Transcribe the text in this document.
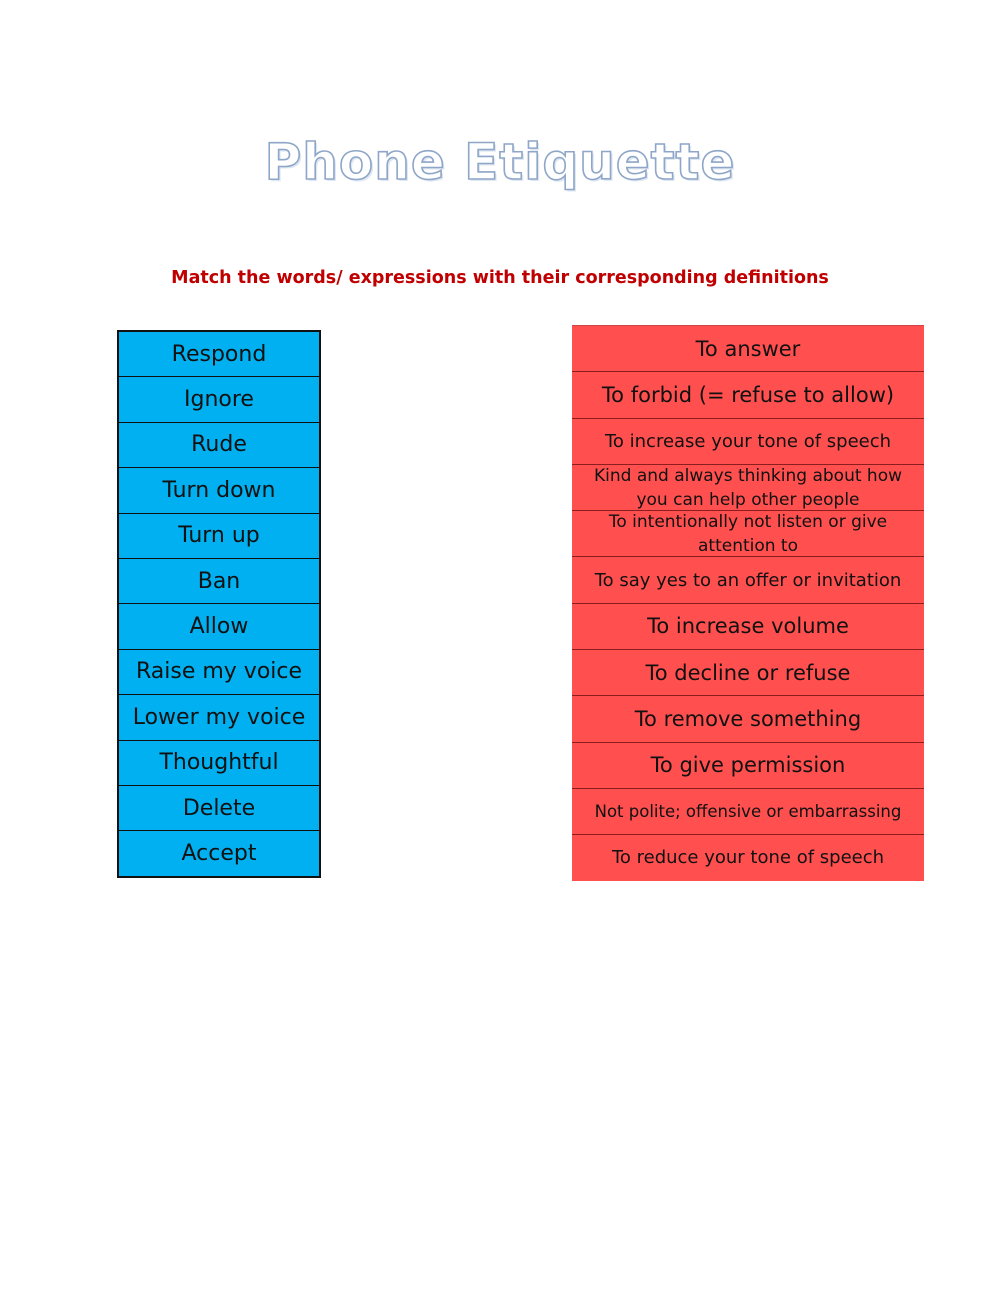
Phone Etiquette
Match the words/ expressions with their corresponding definitions
Respond
Ignore
Rude
Turn down
Turn up
Ban
Allow
Raise my voice
Lower my voice
Thoughtful
Delete
Accept
To answer
To forbid (= refuse to allow)
To increase your tone of speech
Kind and always thinking about how you can help other people
To intentionally not listen or give attention to
To say yes to an offer or invitation
To increase volume
To decline or refuse
To remove something
To give permission
Not polite; offensive or embarrassing
To reduce your tone of speech
